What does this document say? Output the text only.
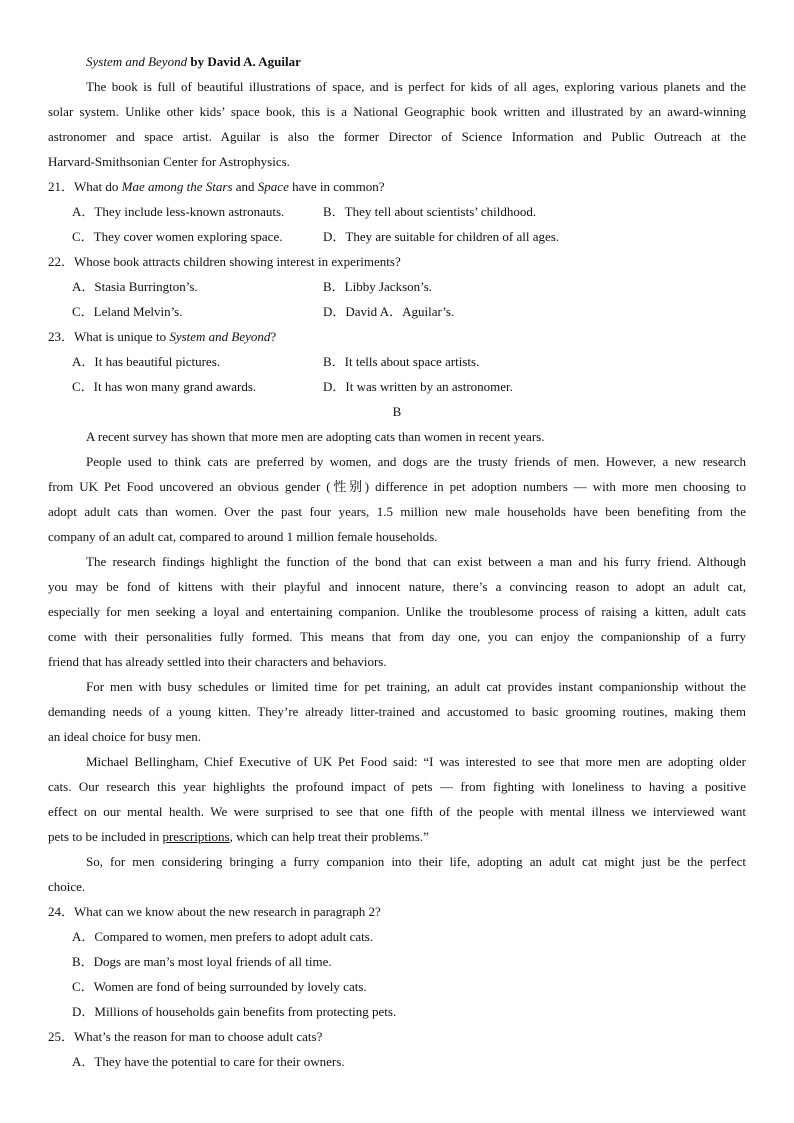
System and Beyond by David A. Aguilar
The book is full of beautiful illustrations of space, and is perfect for kids of all ages, exploring various planets and the
solar system. Unlike other kids’ space book, this is a National Geographic book written and illustrated by an award-winning
astronomer and space artist. Aguilar is also the former Director of Science Information and Public Outreach at the
Harvard-Smithsonian Center for Astrophysics.
21．What do Mae among the Stars and Space have in common?
A．They include less-known astronauts.	B．They tell about scientists’ childhood.
C．They cover women exploring space.	D．They are suitable for children of all ages.
22．Whose book attracts children showing interest in experiments?
A．Stasia Burrington’s.	B．Libby Jackson’s.
C．Leland Melvin’s.	D．David A．Aguilar’s.
23．What is unique to System and Beyond?
A．It has beautiful pictures.	B．It tells about space artists.
C．It has won many grand awards.	D．It was written by an astronomer.
B
A recent survey has shown that more men are adopting cats than women in recent years.
People used to think cats are preferred by women, and dogs are the trusty friends of men. However, a new research
from UK Pet Food uncovered an obvious gender (性别) difference in pet adoption numbers — with more men choosing to
adopt adult cats than women. Over the past four years, 1.5 million new male households have been benefiting from the
company of an adult cat, compared to around 1 million female households.
The research findings highlight the function of the bond that can exist between a man and his furry friend. Although
you may be fond of kittens with their playful and innocent nature, there’s a convincing reason to adopt an adult cat,
especially for men seeking a loyal and entertaining companion. Unlike the troublesome process of raising a kitten, adult cats
come with their personalities fully formed. This means that from day one, you can enjoy the companionship of a furry
friend that has already settled into their characters and behaviors.
For men with busy schedules or limited time for pet training, an adult cat provides instant companionship without the
demanding needs of a young kitten. They’re already litter-trained and accustomed to basic grooming routines, making them
an ideal choice for busy men.
Michael Bellingham, Chief Executive of UK Pet Food said: “I was interested to see that more men are adopting older
cats. Our research this year highlights the profound impact of pets — from fighting with loneliness to having a positive
effect on our mental health. We were surprised to see that one fifth of the people with mental illness we interviewed want
pets to be included in prescriptions, which can help treat their problems.”
So, for men considering bringing a furry companion into their life, adopting an adult cat might just be the perfect
choice.
24．What can we know about the new research in paragraph 2?
A．Compared to women, men prefers to adopt adult cats.
B．Dogs are man’s most loyal friends of all time.
C．Women are fond of being surrounded by lovely cats.
D．Millions of households gain benefits from protecting pets.
25．What’s the reason for man to choose adult cats?
A．They have the potential to care for their owners.
